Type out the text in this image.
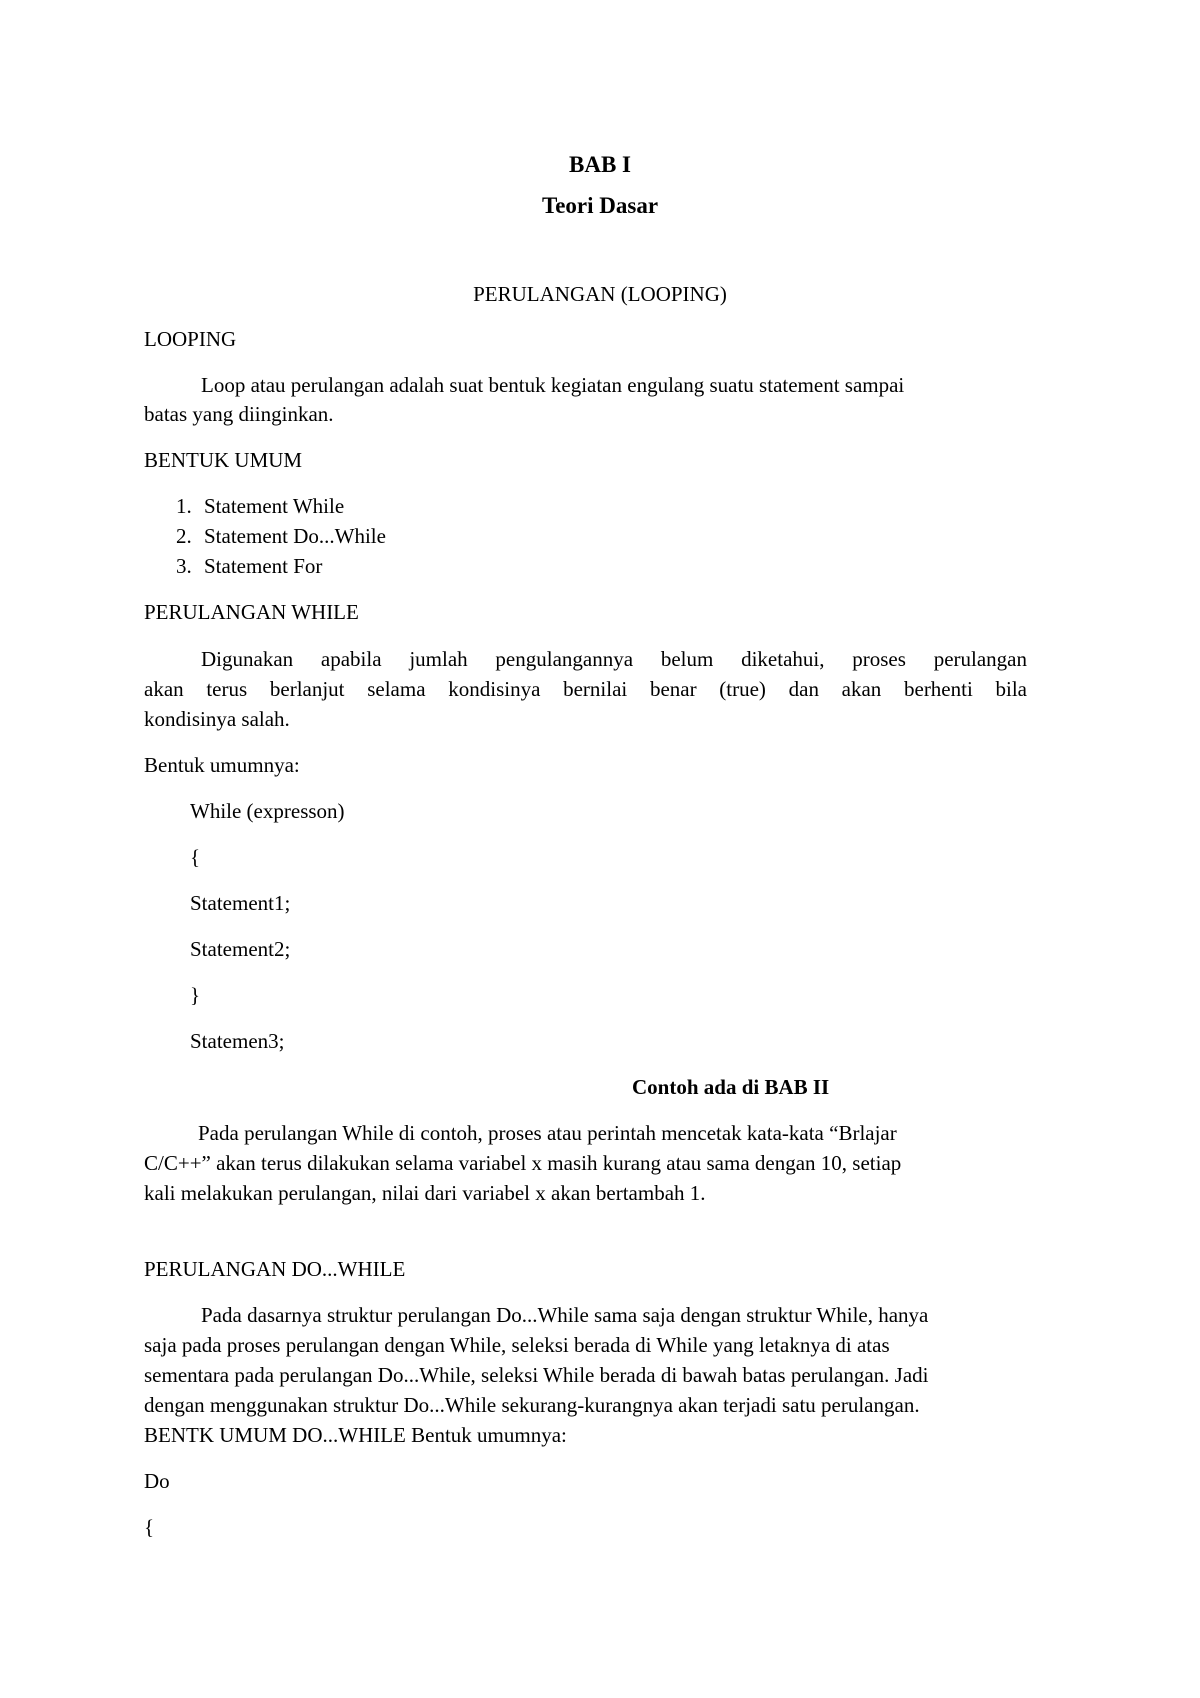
BAB I
Teori Dasar
PERULANGAN (LOOPING)
LOOPING
Loop atau perulangan adalah suat bentuk kegiatan engulang suatu statement sampai
batas yang diinginkan.
BENTUK UMUM
1. Statement While
2. Statement Do...While
3. Statement For
PERULANGAN WHILE
Digunakan apabila jumlah pengulangannya belum diketahui, proses perulangan
akan terus berlanjut selama kondisinya bernilai benar (true) dan akan berhenti bila
kondisinya salah.
Bentuk umumnya:
While (expresson)
{
Statement1;
Statement2;
}
Statemen3;
Contoh ada di BAB II
Pada perulangan While di contoh, proses atau perintah mencetak kata-kata “Brlajar
C/C++” akan terus dilakukan selama variabel x masih kurang atau sama dengan 10, setiap
kali melakukan perulangan, nilai dari variabel x akan bertambah 1.
PERULANGAN DO...WHILE
Pada dasarnya struktur perulangan Do...While sama saja dengan struktur While, hanya
saja pada proses perulangan dengan While, seleksi berada di While yang letaknya di atas
sementara pada perulangan Do...While, seleksi While berada di bawah batas perulangan. Jadi
dengan menggunakan struktur Do...While sekurang-kurangnya akan terjadi satu perulangan.
BENTK UMUM DO...WHILE Bentuk umumnya:
Do
{
